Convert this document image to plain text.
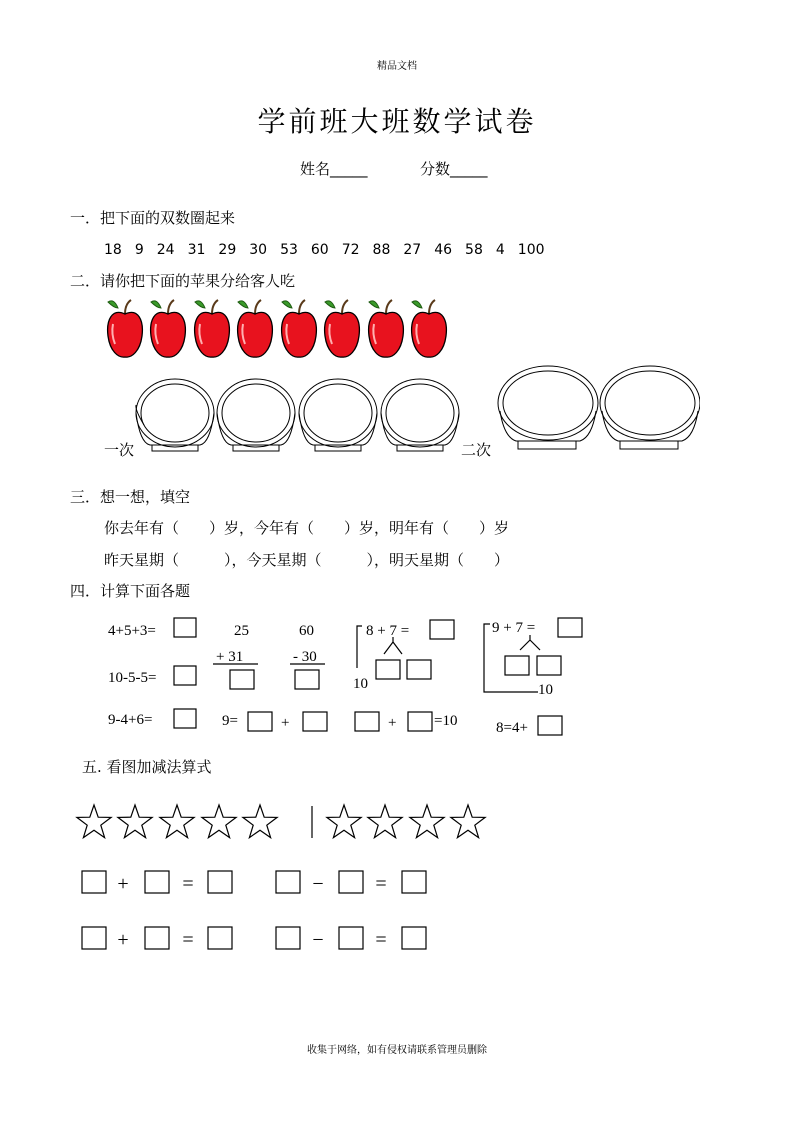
精品文档
学前班大班数学试卷
姓名_____	分数_____
一．把下面的双数圈起来
18 9 24 31 29 30 53 60 72 88 27 46 58 4 100
二．请你把下面的苹果分给客人吃
一次	二次
三．想一想，填空
你去年有（　　）岁，今年有（　　）岁，明年有（　　）岁
昨天星期（　　　），今天星期（　　　），明天星期（　　）
四．计算下面各题
4+5+3=
10-5-5=
9-4+6=
25
+ 31
60
- 30
9=	+	+	=10
8 + 7 =
10
9 + 7 =
10
8=4+
五. 看图加减法算式
+	=	−	=
+	=	−	=
收集于网络，如有侵权请联系管理员删除
